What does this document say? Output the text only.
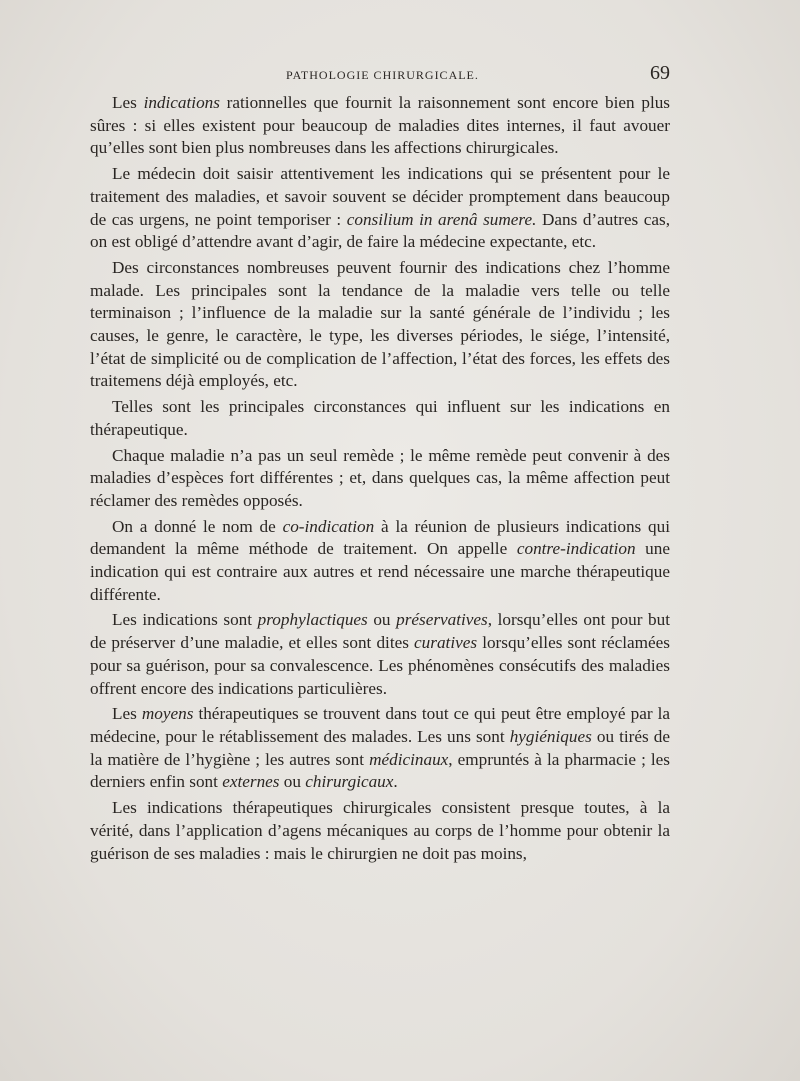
PATHOLOGIE CHIRURGICALE.	69

Les indications rationnelles que fournit la raisonnement sont encore bien plus sûres : si elles existent pour beaucoup de maladies dites internes, il faut avouer qu’elles sont bien plus nombreuses dans les affections chirurgicales.

Le médecin doit saisir attentivement les indications qui se présentent pour le traitement des maladies, et savoir souvent se décider promptement dans beaucoup de cas urgens, ne point temporiser : consilium in arenâ sumere. Dans d’autres cas, on est obligé d’attendre avant d’agir, de faire la médecine expectante, etc.

Des circonstances nombreuses peuvent fournir des indications chez l’homme malade. Les principales sont la tendance de la maladie vers telle ou telle terminaison ; l’influence de la maladie sur la santé générale de l’individu ; les causes, le genre, le caractère, le type, les diverses périodes, le siége, l’intensité, l’état de simplicité ou de complication de l’affection, l’état des forces, les effets des traitemens déjà employés, etc.

Telles sont les principales circonstances qui influent sur les indications en thérapeutique.

Chaque maladie n’a pas un seul remède ; le même remède peut convenir à des maladies d’espèces fort différentes ; et, dans quelques cas, la même affection peut réclamer des remèdes opposés.

On a donné le nom de co-indication à la réunion de plusieurs indications qui demandent la même méthode de traitement. On appelle contre-indication une indication qui est contraire aux autres et rend nécessaire une marche thérapeutique différente.

Les indications sont prophylactiques ou préservatives, lorsqu’elles ont pour but de préserver d’une maladie, et elles sont dites curatives lorsqu’elles sont réclamées pour sa guérison, pour sa convalescence. Les phénomènes consécutifs des maladies offrent encore des indications particulières.

Les moyens thérapeutiques se trouvent dans tout ce qui peut être employé par la médecine, pour le rétablissement des malades. Les uns sont hygiéniques ou tirés de la matière de l’hygiène ; les autres sont médicinaux, empruntés à la pharmacie ; les derniers enfin sont externes ou chirurgicaux.

Les indications thérapeutiques chirurgicales consistent presque toutes, à la vérité, dans l’application d’agens mécaniques au corps de l’homme pour obtenir la guérison de ses maladies : mais le chirurgien ne doit pas moins,
